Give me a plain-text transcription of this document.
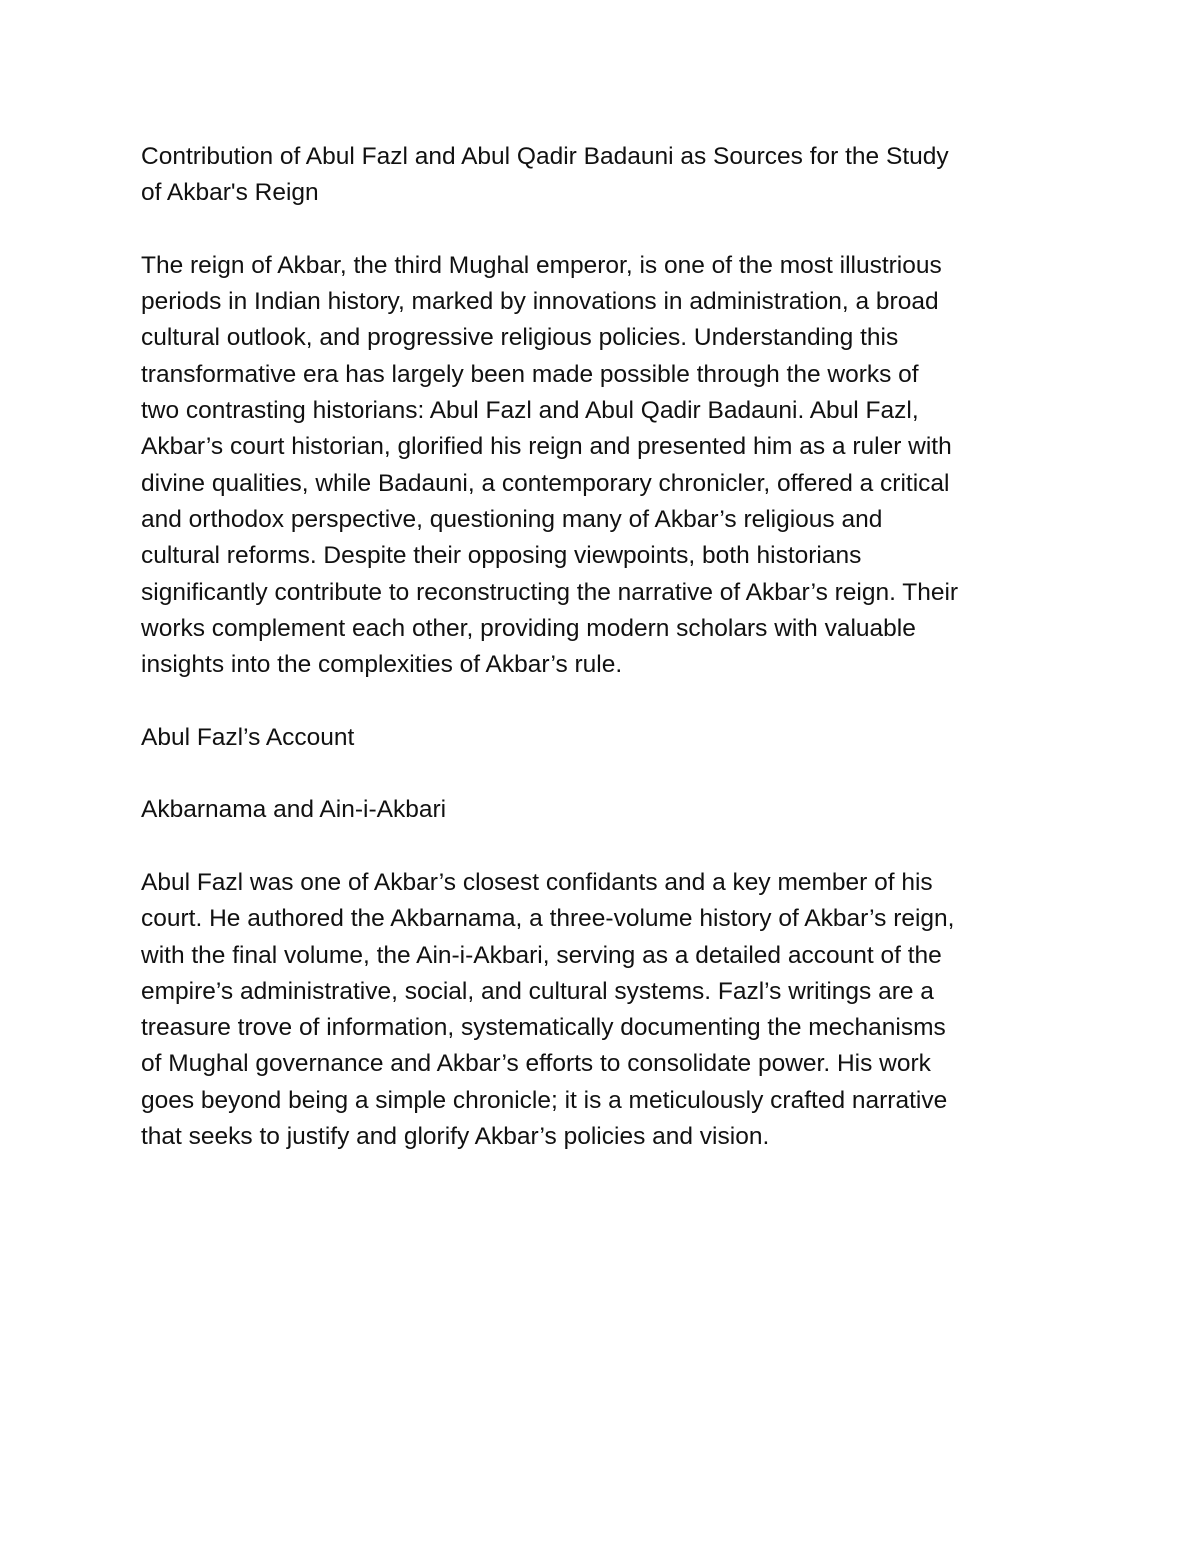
Contribution of Abul Fazl and Abul Qadir Badauni as Sources for the Study
of Akbar's Reign
The reign of Akbar, the third Mughal emperor, is one of the most illustrious
periods in Indian history, marked by innovations in administration, a broad
cultural outlook, and progressive religious policies. Understanding this
transformative era has largely been made possible through the works of
two contrasting historians: Abul Fazl and Abul Qadir Badauni. Abul Fazl,
Akbar’s court historian, glorified his reign and presented him as a ruler with
divine qualities, while Badauni, a contemporary chronicler, offered a critical
and orthodox perspective, questioning many of Akbar’s religious and
cultural reforms. Despite their opposing viewpoints, both historians
significantly contribute to reconstructing the narrative of Akbar’s reign. Their
works complement each other, providing modern scholars with valuable
insights into the complexities of Akbar’s rule.
Abul Fazl’s Account
Akbarnama and Ain-i-Akbari
Abul Fazl was one of Akbar’s closest confidants and a key member of his
court. He authored the Akbarnama, a three-volume history of Akbar’s reign,
with the final volume, the Ain-i-Akbari, serving as a detailed account of the
empire’s administrative, social, and cultural systems. Fazl’s writings are a
treasure trove of information, systematically documenting the mechanisms
of Mughal governance and Akbar’s efforts to consolidate power. His work
goes beyond being a simple chronicle; it is a meticulously crafted narrative
that seeks to justify and glorify Akbar’s policies and vision.
